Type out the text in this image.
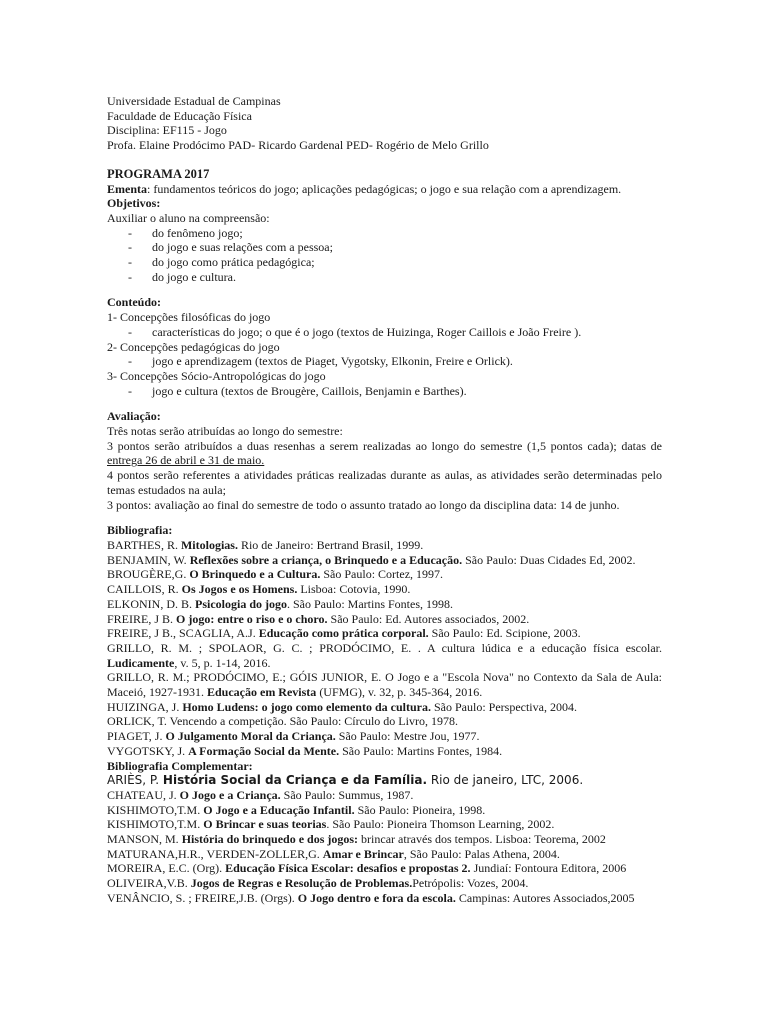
Universidade Estadual de Campinas
Faculdade de Educação Física
Disciplina: EF115 - Jogo
Profa. Elaine Prodócimo PAD- Ricardo Gardenal PED- Rogério de Melo Grillo
PROGRAMA 2017
Ementa: fundamentos teóricos do jogo; aplicações pedagógicas; o jogo e sua relação com a aprendizagem.
Objetivos:
Auxiliar o aluno na compreensão:
- do fenômeno jogo;
- do jogo e suas relações com a pessoa;
- do jogo como prática pedagógica;
- do jogo e cultura.
Conteúdo:
1- Concepções filosóficas do jogo
- características do jogo; o que é o jogo (textos de Huizinga, Roger Caillois e João Freire ).
2- Concepções pedagógicas do jogo
- jogo e aprendizagem (textos de Piaget, Vygotsky, Elkonin, Freire e Orlick).
3- Concepções Sócio-Antropológicas do jogo
- jogo e cultura (textos de Brougère, Caillois, Benjamin e Barthes).
Avaliação:
Três notas serão atribuídas ao longo do semestre:
3 pontos serão atribuídos a duas resenhas a serem realizadas ao longo do semestre (1,5 pontos cada); datas de entrega 26 de abril e 31 de maio.
4 pontos serão referentes a atividades práticas realizadas durante as aulas, as atividades serão determinadas pelo temas estudados na aula;
3 pontos: avaliação ao final do semestre de todo o assunto tratado ao longo da disciplina data: 14 de junho.
Bibliografia:
BARTHES, R. Mitologias. Rio de Janeiro: Bertrand Brasil, 1999.
BENJAMIN, W. Reflexões sobre a criança, o Brinquedo e a Educação. São Paulo: Duas Cidades Ed, 2002.
BROUGÈRE,G. O Brinquedo e a Cultura. São Paulo: Cortez, 1997.
CAILLOIS, R. Os Jogos e os Homens. Lisboa: Cotovia, 1990.
ELKONIN, D. B. Psicologia do jogo. São Paulo: Martins Fontes, 1998.
FREIRE, J B. O jogo: entre o riso e o choro. São Paulo: Ed. Autores associados, 2002.
FREIRE, J B., SCAGLIA, A.J. Educação como prática corporal. São Paulo: Ed. Scipione, 2003.
GRILLO, R. M. ; SPOLAOR, G. C. ; PRODÓCIMO, E. . A cultura lúdica e a educação física escolar. Ludicamente, v. 5, p. 1-14, 2016.
GRILLO, R. M.; PRODÓCIMO, E.; GÓIS JUNIOR, E. O Jogo e a "Escola Nova" no Contexto da Sala de Aula: Maceió, 1927-1931. Educação em Revista (UFMG), v. 32, p. 345-364, 2016.
HUIZINGA, J. Homo Ludens: o jogo como elemento da cultura. São Paulo: Perspectiva, 2004.
ORLICK, T. Vencendo a competição. São Paulo: Círculo do Livro, 1978.
PIAGET, J. O Julgamento Moral da Criança. São Paulo: Mestre Jou, 1977.
VYGOTSKY, J. A Formação Social da Mente. São Paulo: Martins Fontes, 1984.
Bibliografia Complementar:
ARIÈS, P. História Social da Criança e da Família. Rio de janeiro, LTC, 2006.
CHATEAU, J. O Jogo e a Criança. São Paulo: Summus, 1987.
KISHIMOTO,T.M. O Jogo e a Educação Infantil. São Paulo: Pioneira, 1998.
KISHIMOTO,T.M. O Brincar e suas teorias. São Paulo: Pioneira Thomson Learning, 2002.
MANSON, M. História do brinquedo e dos jogos: brincar através dos tempos. Lisboa: Teorema, 2002
MATURANA,H.R., VERDEN-ZOLLER,G. Amar e Brincar, São Paulo: Palas Athena, 2004.
MOREIRA, E.C. (Org). Educação Física Escolar: desafios e propostas 2. Jundiaí: Fontoura Editora, 2006
OLIVEIRA,V.B. Jogos de Regras e Resolução de Problemas.Petrópolis: Vozes, 2004.
VENÂNCIO, S. ; FREIRE,J.B. (Orgs). O Jogo dentro e fora da escola. Campinas: Autores Associados,2005
